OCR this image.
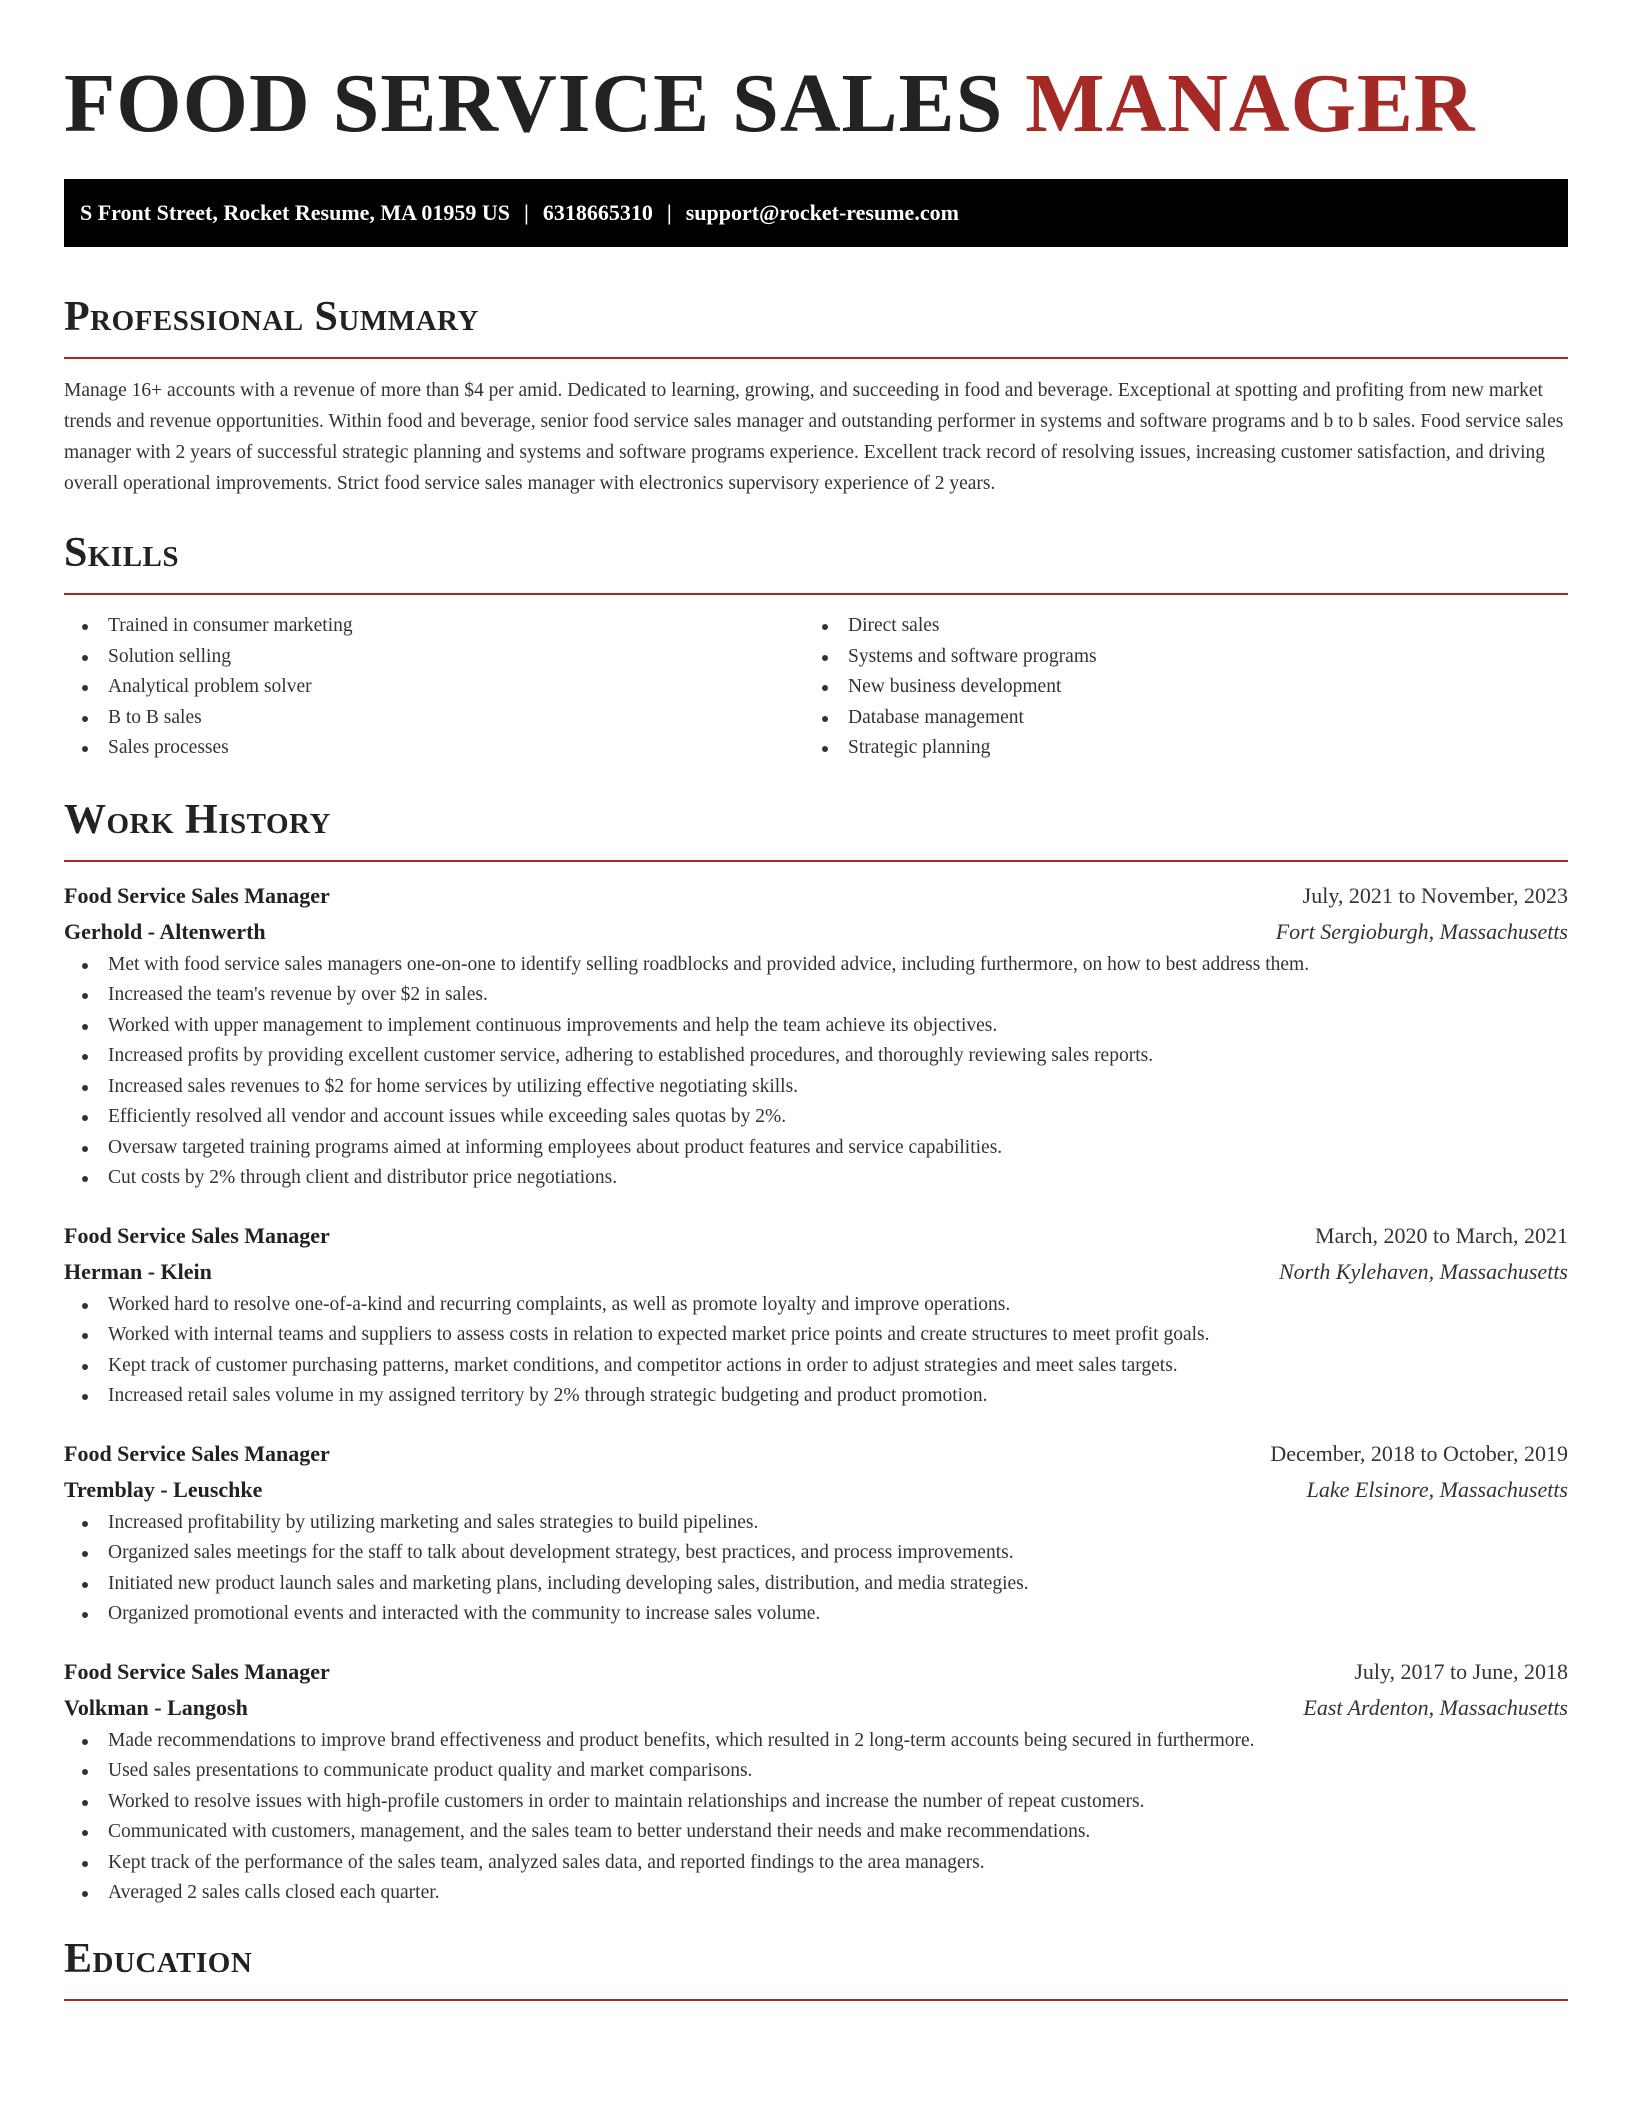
FOOD SERVICE SALES MANAGER
S Front Street, Rocket Resume, MA 01959 US | 6318665310 | support@rocket-resume.com
Professional Summary

Manage 16+ accounts with a revenue of more than $4 per amid. Dedicated to learning, growing, and succeeding in food and beverage. Exceptional at spotting and profiting from new market trends and revenue opportunities. Within food and beverage, senior food service sales manager and outstanding performer in systems and software programs and b to b sales. Food service sales manager with 2 years of successful strategic planning and systems and software programs experience. Excellent track record of resolving issues, increasing customer satisfaction, and driving overall operational improvements. Strict food service sales manager with electronics supervisory experience of 2 years.

Skills
Trained in consumer marketing
Solution selling
Analytical problem solver
B to B sales
Sales processes
Direct sales
Systems and software programs
New business development
Database management
Strategic planning
Work History
Food Service Sales Manager	July, 2021 to November, 2023
Gerhold - Altenwerth	Fort Sergioburgh, Massachusetts
Met with food service sales managers one-on-one to identify selling roadblocks and provided advice, including furthermore, on how to best address them.
Increased the team's revenue by over $2 in sales.
Worked with upper management to implement continuous improvements and help the team achieve its objectives.
Increased profits by providing excellent customer service, adhering to established procedures, and thoroughly reviewing sales reports.
Increased sales revenues to $2 for home services by utilizing effective negotiating skills.
Efficiently resolved all vendor and account issues while exceeding sales quotas by 2%.
Oversaw targeted training programs aimed at informing employees about product features and service capabilities.
Cut costs by 2% through client and distributor price negotiations.
Food Service Sales Manager	March, 2020 to March, 2021
Herman - Klein	North Kylehaven, Massachusetts
Worked hard to resolve one-of-a-kind and recurring complaints, as well as promote loyalty and improve operations.
Worked with internal teams and suppliers to assess costs in relation to expected market price points and create structures to meet profit goals.
Kept track of customer purchasing patterns, market conditions, and competitor actions in order to adjust strategies and meet sales targets.
Increased retail sales volume in my assigned territory by 2% through strategic budgeting and product promotion.
Food Service Sales Manager	December, 2018 to October, 2019
Tremblay - Leuschke	Lake Elsinore, Massachusetts
Increased profitability by utilizing marketing and sales strategies to build pipelines.
Organized sales meetings for the staff to talk about development strategy, best practices, and process improvements.
Initiated new product launch sales and marketing plans, including developing sales, distribution, and media strategies.
Organized promotional events and interacted with the community to increase sales volume.
Food Service Sales Manager	July, 2017 to June, 2018
Volkman - Langosh	East Ardenton, Massachusetts
Made recommendations to improve brand effectiveness and product benefits, which resulted in 2 long-term accounts being secured in furthermore.
Used sales presentations to communicate product quality and market comparisons.
Worked to resolve issues with high-profile customers in order to maintain relationships and increase the number of repeat customers.
Communicated with customers, management, and the sales team to better understand their needs and make recommendations.
Kept track of the performance of the sales team, analyzed sales data, and reported findings to the area managers.
Averaged 2 sales calls closed each quarter.
Education
